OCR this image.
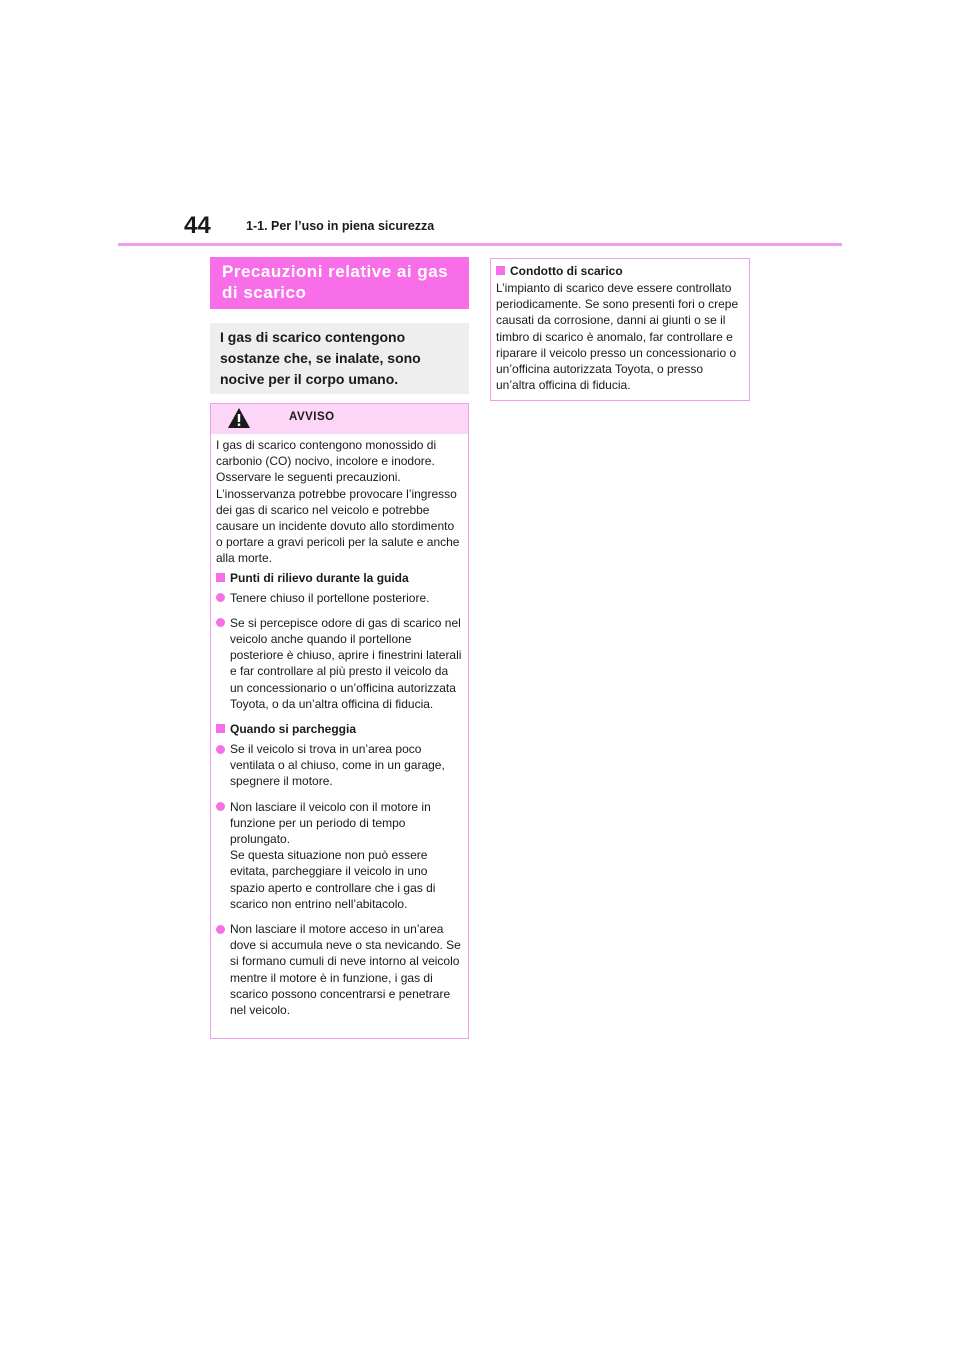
44	1-1. Per l’uso in piena sicurezza

Precauzioni relative ai gas di scarico

I gas di scarico contengono sostanze che, se inalate, sono nocive per il corpo umano.

AVVISO

I gas di scarico contengono monossido di carbonio (CO) nocivo, incolore e inodore. Osservare le seguenti precauzioni. L’inosservanza potrebbe provocare l’ingresso dei gas di scarico nel veicolo e potrebbe causare un incidente dovuto allo stordimento o portare a gravi pericoli per la salute e anche alla morte.

Punti di rilievo durante la guida

Tenere chiuso il portellone posteriore.

Se si percepisce odore di gas di scarico nel veicolo anche quando il portellone posteriore è chiuso, aprire i finestrini laterali e far controllare al più presto il veicolo da un concessionario o un’officina autorizzata Toyota, o da un’altra officina di fiducia.

Quando si parcheggia

Se il veicolo si trova in un’area poco ventilata o al chiuso, come in un garage, spegnere il motore.

Non lasciare il veicolo con il motore in funzione per un periodo di tempo prolungato.
Se questa situazione non può essere evitata, parcheggiare il veicolo in uno spazio aperto e controllare che i gas di scarico non entrino nell’abitacolo.

Non lasciare il motore acceso in un’area dove si accumula neve o sta nevicando. Se si formano cumuli di neve intorno al veicolo mentre il motore è in funzione, i gas di scarico possono concentrarsi e penetrare nel veicolo.

Condotto di scarico

L’impianto di scarico deve essere controllato periodicamente. Se sono presenti fori o crepe causati da corrosione, danni ai giunti o se il timbro di scarico è anomalo, far controllare e riparare il veicolo presso un concessionario o un’officina autorizzata Toyota, o presso un’altra officina di fiducia.
